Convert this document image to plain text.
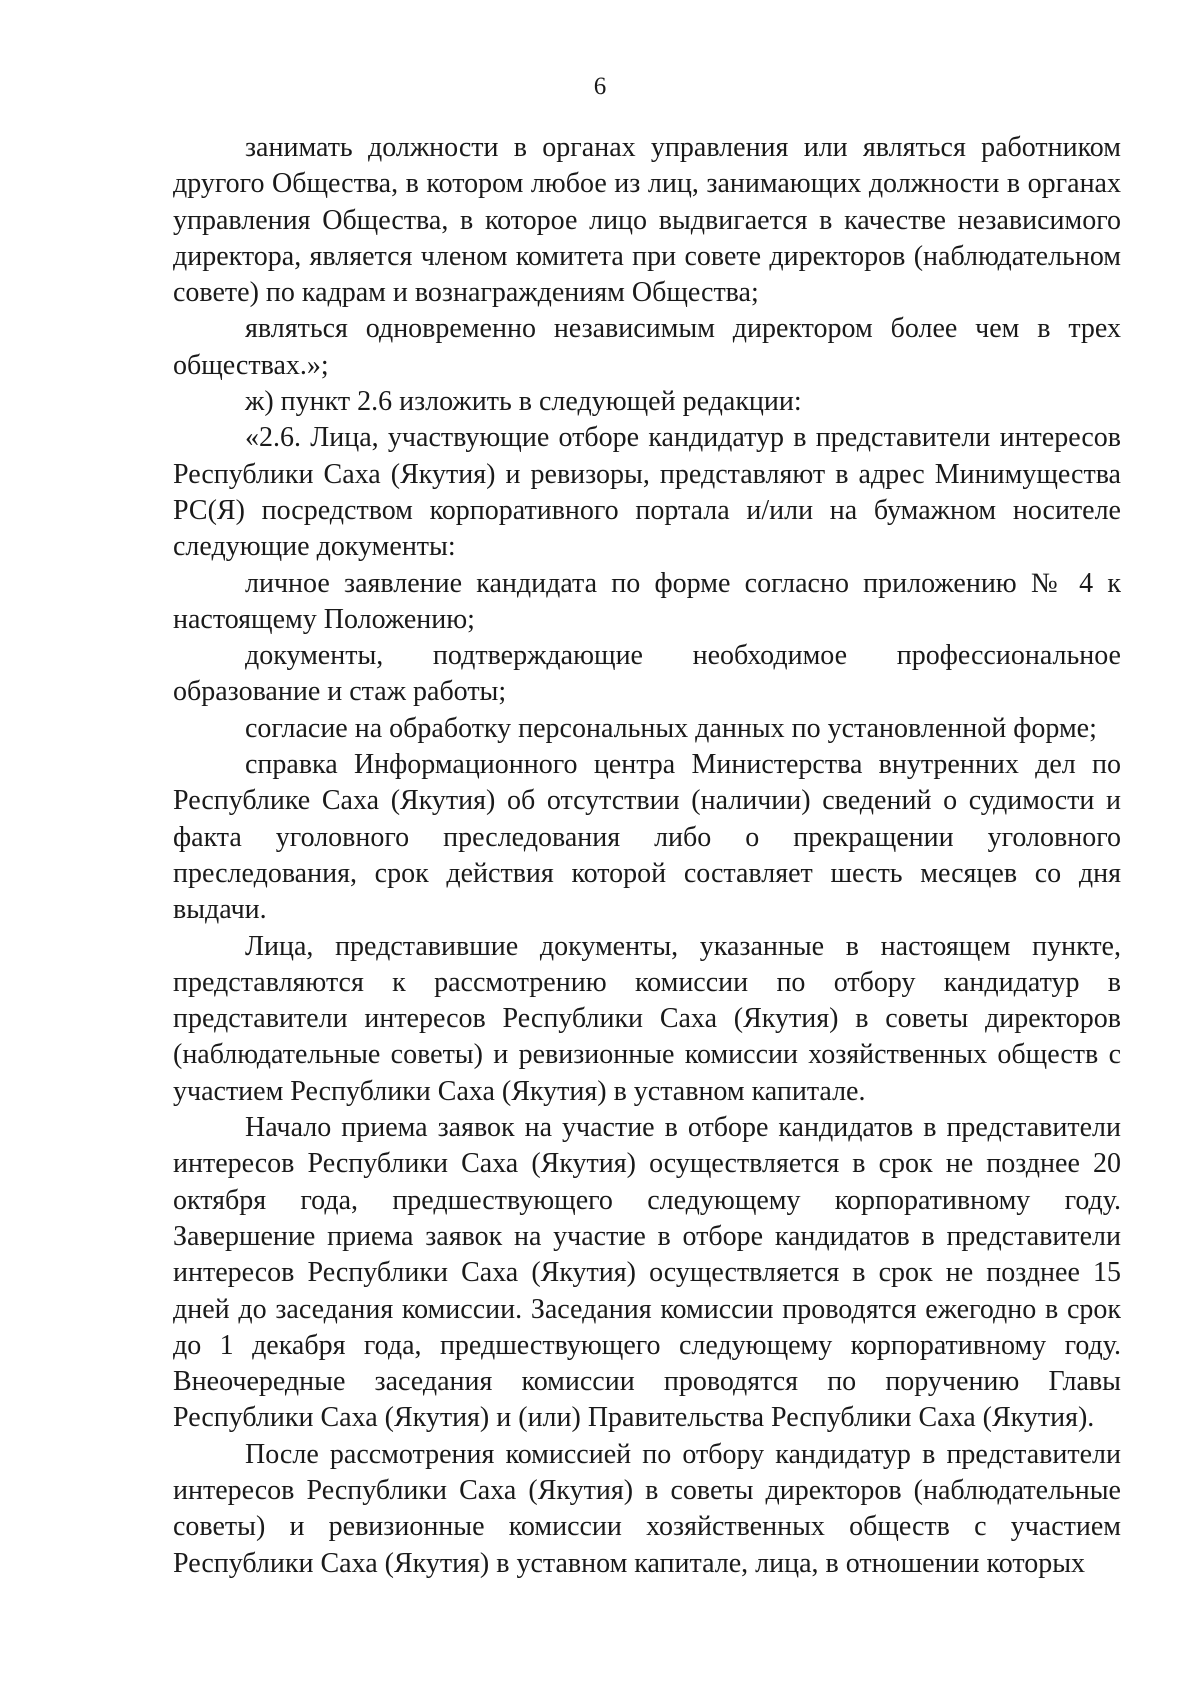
6

занимать должности в органах управления или являться работником другого Общества, в котором любое из лиц, занимающих должности в органах управления Общества, в которое лицо выдвигается в качестве независимого директора, является членом комитета при совете директоров (наблюдательном совете) по кадрам и вознаграждениям Общества;

являться одновременно независимым директором более чем в трех обществах.»;

ж) пункт 2.6 изложить в следующей редакции:

«2.6. Лица, участвующие отборе кандидатур в представители интересов Республики Саха (Якутия) и ревизоры, представляют в адрес Минимущества РС(Я) посредством корпоративного портала и/или на бумажном носителе следующие документы:

личное заявление кандидата по форме согласно приложению № 4 к настоящему Положению;

документы, подтверждающие необходимое профессиональное образование и стаж работы;

согласие на обработку персональных данных по установленной форме;

справка Информационного центра Министерства внутренних дел по Республике Саха (Якутия) об отсутствии (наличии) сведений о судимости и факта уголовного преследования либо о прекращении уголовного преследования, срок действия которой составляет шесть месяцев со дня выдачи.

Лица, представившие документы, указанные в настоящем пункте, представляются к рассмотрению комиссии по отбору кандидатур в представители интересов Республики Саха (Якутия) в советы директоров (наблюдательные советы) и ревизионные комиссии хозяйственных обществ с участием Республики Саха (Якутия) в уставном капитале.

Начало приема заявок на участие в отборе кандидатов в представители интересов Республики Саха (Якутия) осуществляется в срок не позднее 20 октября года, предшествующего следующему корпоративному году. Завершение приема заявок на участие в отборе кандидатов в представители интересов Республики Саха (Якутия) осуществляется в срок не позднее 15 дней до заседания комиссии. Заседания комиссии проводятся ежегодно в срок до 1 декабря года, предшествующего следующему корпоративному году. Внеочередные заседания комиссии проводятся по поручению Главы Республики Саха (Якутия) и (или) Правительства Республики Саха (Якутия).

После рассмотрения комиссией по отбору кандидатур в представители интересов Республики Саха (Якутия) в советы директоров (наблюдательные советы) и ревизионные комиссии хозяйственных обществ с участием Республики Саха (Якутия) в уставном капитале, лица, в отношении которых
